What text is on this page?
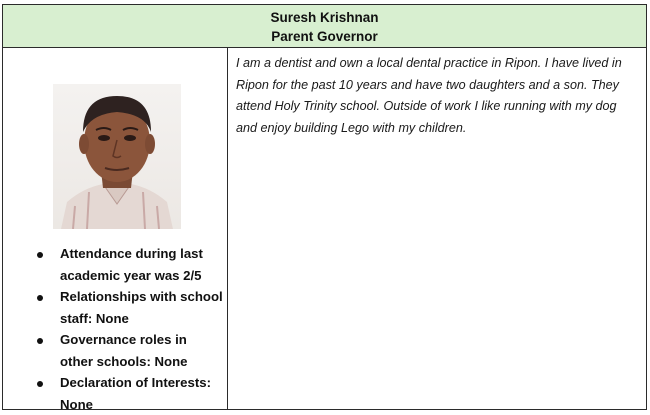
Suresh Krishnan
Parent Governor
Attendance during last academic year was 2/5
Relationships with school staff: None
Governance roles in other schools: None
Declaration of Interests: None

I am a dentist and own a local dental practice in Ripon. I have lived in Ripon for the past 10 years and have two daughters and a son. They attend Holy Trinity school. Outside of work I like running with my dog and enjoy building Lego with my children.
